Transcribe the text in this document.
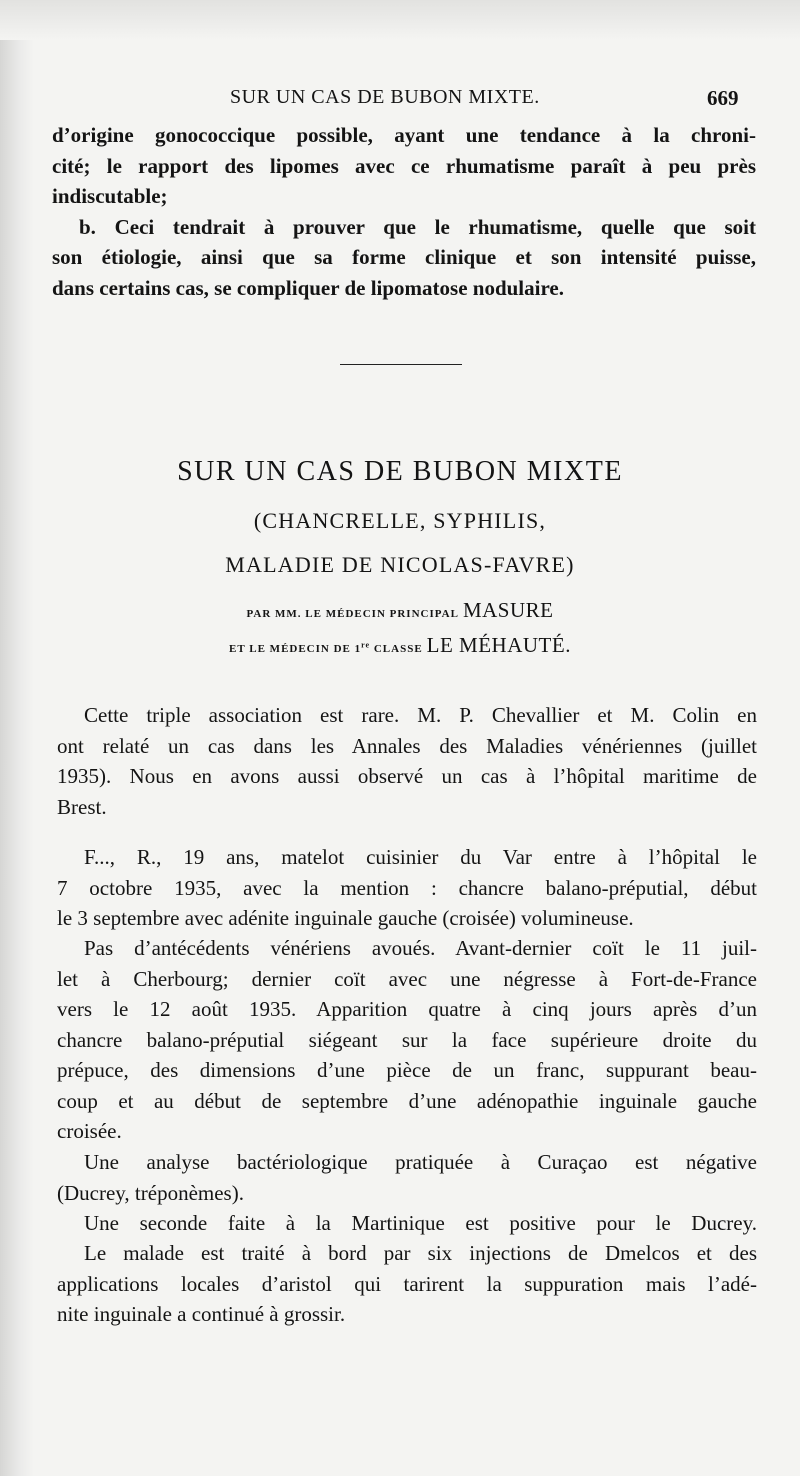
SUR UN CAS DE BUBON MIXTE.	669
d’origine gonococcique possible, ayant une tendance à la chroni-
cité; le rapport des lipomes avec ce rhumatisme paraît à peu près
indiscutable;
b. Ceci tendrait à prouver que le rhumatisme, quelle que soit
son étiologie, ainsi que sa forme clinique et son intensité puisse,
dans certains cas, se compliquer de lipomatose nodulaire.
SUR UN CAS DE BUBON MIXTE
(CHANCRELLE, SYPHILIS,
MALADIE DE NICOLAS-FAVRE)
PAR MM. LE MÉDECIN PRINCIPAL MASURE
ET LE MÉDECIN DE 1re CLASSE LE MÉHAUTÉ.
Cette triple association est rare. M. P. Chevallier et M. Colin en
ont relaté un cas dans les Annales des Maladies vénériennes (juillet
1935). Nous en avons aussi observé un cas à l’hôpital maritime de
Brest.
F..., R., 19 ans, matelot cuisinier du Var entre à l’hôpital le
7 octobre 1935, avec la mention : chancre balano-préputial, début
le 3 septembre avec adénite inguinale gauche (croisée) volumineuse.
Pas d’antécédents vénériens avoués. Avant-dernier coït le 11 juil-
let à Cherbourg; dernier coït avec une négresse à Fort-de-France
vers le 12 août 1935. Apparition quatre à cinq jours après d’un
chancre balano-préputial siégeant sur la face supérieure droite du
prépuce, des dimensions d’une pièce de un franc, suppurant beau-
coup et au début de septembre d’une adénopathie inguinale gauche
croisée.
Une analyse bactériologique pratiquée à Curaçao est négative
(Ducrey, tréponèmes).
Une seconde faite à la Martinique est positive pour le Ducrey.
Le malade est traité à bord par six injections de Dmelcos et des
applications locales d’aristol qui tarirent la suppuration mais l’adé-
nite inguinale a continué à grossir.
